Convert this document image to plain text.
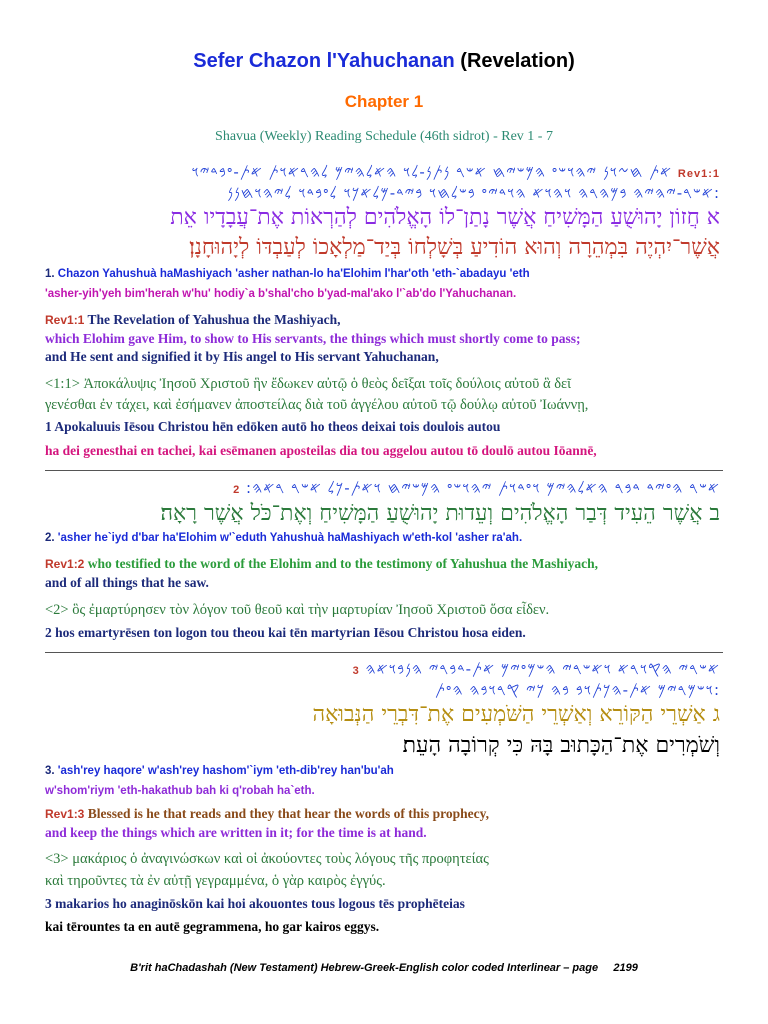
Sefer Chazon l'Yahuchanan (Revelation)
Chapter 1
Shavua (Weekly) Reading Schedule (46th sidrot) - Rev 1 - 7
𐤀𐤕 𐤇𐤆𐤅𐤍 𐤉𐤄𐤅𐤔𐤏 𐤄𐤌𐤔𐤉𐤇 𐤀𐤔𐤓 𐤍𐤕𐤍-𐤋𐤅 𐤄𐤀𐤋𐤄𐤉𐤌 𐤋𐤄𐤓𐤀𐤅𐤕 𐤀𐤕-𐤏𐤁𐤃𐤉𐤅 Rev1:1
𐤀𐤔𐤓-𐤉𐤄𐤉𐤄 𐤁𐤌𐤄𐤓𐤄 𐤅𐤄𐤅𐤀 𐤄𐤅𐤃𐤉𐤏 𐤁𐤔𐤋𐤇𐤅 𐤁𐤉𐤃-𐤌𐤋𐤀𐤊𐤅 𐤋𐤏𐤁𐤃𐤅 𐤋𐤉𐤄𐤅𐤇𐤍𐤍:
א חֲזוֹן יָהוּשֻׁעַ הַמָּשִׁיחַ אֲשֶׁר נָתַן־לוֹ הָאֱלֹהִים לְהַרְאוֹת אֶת־עֲבָדָיו אֵת
אֲשֶׁר־יִהְיֶה בִּמְהֵרָה וְהוּא הוֹדִיעַ בְּשָׁלְחוֹ בְּיַד־מַלְאָכוֹ לְעַבְדּוֹ לְיָהוּחָנָן׃
1. Chazon Yahushuà haMashiyach 'asher nathan-lo ha'Elohim l'har'oth 'eth-`abadayu 'eth
'asher-yih'yeh bim'herah w'hu' hodiy`a b'shal'cho b'yad-mal'ako l'`ab'do l'Yahuchanan.
Rev1:1 The Revelation of Yahushua the Mashiyach,
which Elohim gave Him, to show to His servants, the things which must shortly come to pass;
and He sent and signified it by His angel to His servant Yahuchanan,
<1:1> Ἀποκάλυψις Ἰησοῦ Χριστοῦ ἣν ἔδωκεν αὐτῷ ὁ θεὸς δεῖξαι τοῖς δούλοις αὐτοῦ ἃ δεῖ
γενέσθαι ἐν τάχει, καὶ ἐσήμανεν ἀποστείλας διὰ τοῦ ἀγγέλου αὐτοῦ τῷ δούλῳ αὐτοῦ Ἰωάννῃ,
1 Apokaluuis Iēsou Christou hēn edōken autō ho theos deixai tois doulois autou
ha dei genesthai en tachei, kai esēmanen aposteilas dia tou aggelou autou tō doulō autou Iōannē,
𐤀𐤔𐤓 𐤄𐤏𐤉𐤃 𐤃𐤁𐤓 𐤄𐤀𐤋𐤄𐤉𐤌 𐤅𐤏𐤃𐤅𐤕 𐤉𐤄𐤅𐤔𐤏 𐤄𐤌𐤔𐤉𐤇 𐤅𐤀𐤕-𐤊𐤋 𐤀𐤔𐤓 𐤓𐤀𐤄: 2
ב אֲשֶׁר הֵעִיד דְּבַר הָאֱלֹהִים וְעֵדוּת יָהוּשֻׁעַ הַמָּשִׁיחַ וְאֶת־כֹּל אֲשֶׁר רָאָה׃
2. 'asher he`iyd d'bar ha'Elohim w'`eduth Yahushuà haMashiyach w'eth-kol 'asher ra'ah.
Rev1:2 who testified to the word of the Elohim and to the testimony of Yahushua the Mashiyach,
and of all things that he saw.
<2> ὃς ἐμαρτύρησεν τὸν λόγον τοῦ θεοῦ καὶ τὴν μαρτυρίαν Ἰησοῦ Χριστοῦ ὅσα εἶδεν.
2 hos emartyrēsen ton logon tou theou kai tēn martyrian Iēsou Christou hosa eiden.
𐤀𐤔𐤓𐤉 𐤄𐤒𐤅𐤓𐤀 𐤅𐤀𐤔𐤓𐤉 𐤄𐤔𐤌𐤏𐤉𐤌 𐤀𐤕-𐤃𐤁𐤓𐤉 𐤄𐤍𐤁𐤅𐤀𐤄 3
𐤅𐤔𐤌𐤓𐤉𐤌 𐤀𐤕-𐤄𐤊𐤕𐤅𐤁 𐤁𐤄 𐤊𐤉 𐤒𐤓𐤅𐤁𐤄 𐤄𐤏𐤕:
ג אַשְׁרֵי הַקּוֹרֵא וְאַשְׁרֵי הַשֹּׁמְעִים אֶת־דִּבְרֵי הַנְּבוּאָה
וְשֹׁמְרִים אֶת־הַכָּתוּב בָּהּ כִּי קְרוֹבָה הָעֵת׃
3. 'ash'rey haqore' w'ash'rey hashom'`iym 'eth-dib'rey han'bu'ah
w'shom'riym 'eth-hakathub bah ki q'robah ha`eth.
Rev1:3 Blessed is he that reads and they that hear the words of this prophecy,
and keep the things which are written in it; for the time is at hand.
<3> μακάριος ὁ ἀναγινώσκων καὶ οἱ ἀκούοντες τοὺς λόγους τῆς προφητείας
καὶ τηροῦντες τὰ ἐν αὐτῇ γεγραμμένα, ὁ γὰρ καιρὸς ἐγγύς.
3 makarios ho anaginōskōn kai hoi akouontes tous logous tēs prophēteias
kai tērountes ta en autē gegrammena, ho gar kairos eggys.
B'rit haChadashah (New Testament) Hebrew-Greek-English color coded Interlinear – page 2199
